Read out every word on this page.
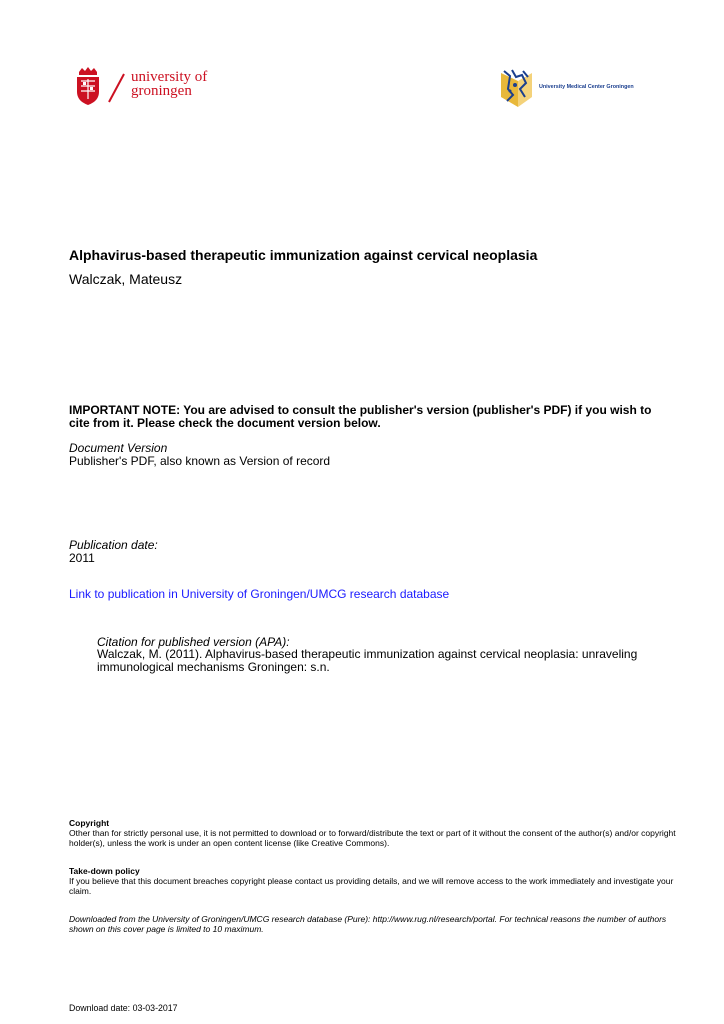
university of
groningen	University Medical Center Groningen
Alphavirus-based therapeutic immunization against cervical neoplasia
Walczak, Mateusz
IMPORTANT NOTE: You are advised to consult the publisher's version (publisher's PDF) if you wish to cite from it. Please check the document version below.
Document Version
Publisher's PDF, also known as Version of record
Publication date:
2011
Link to publication in University of Groningen/UMCG research database
Citation for published version (APA):
Walczak, M. (2011). Alphavirus-based therapeutic immunization against cervical neoplasia: unraveling immunological mechanisms Groningen: s.n.
Copyright
Other than for strictly personal use, it is not permitted to download or to forward/distribute the text or part of it without the consent of the author(s) and/or copyright holder(s), unless the work is under an open content license (like Creative Commons).
Take-down policy
If you believe that this document breaches copyright please contact us providing details, and we will remove access to the work immediately and investigate your claim.
Downloaded from the University of Groningen/UMCG research database (Pure): http://www.rug.nl/research/portal. For technical reasons the number of authors shown on this cover page is limited to 10 maximum.
Download date: 03-03-2017
